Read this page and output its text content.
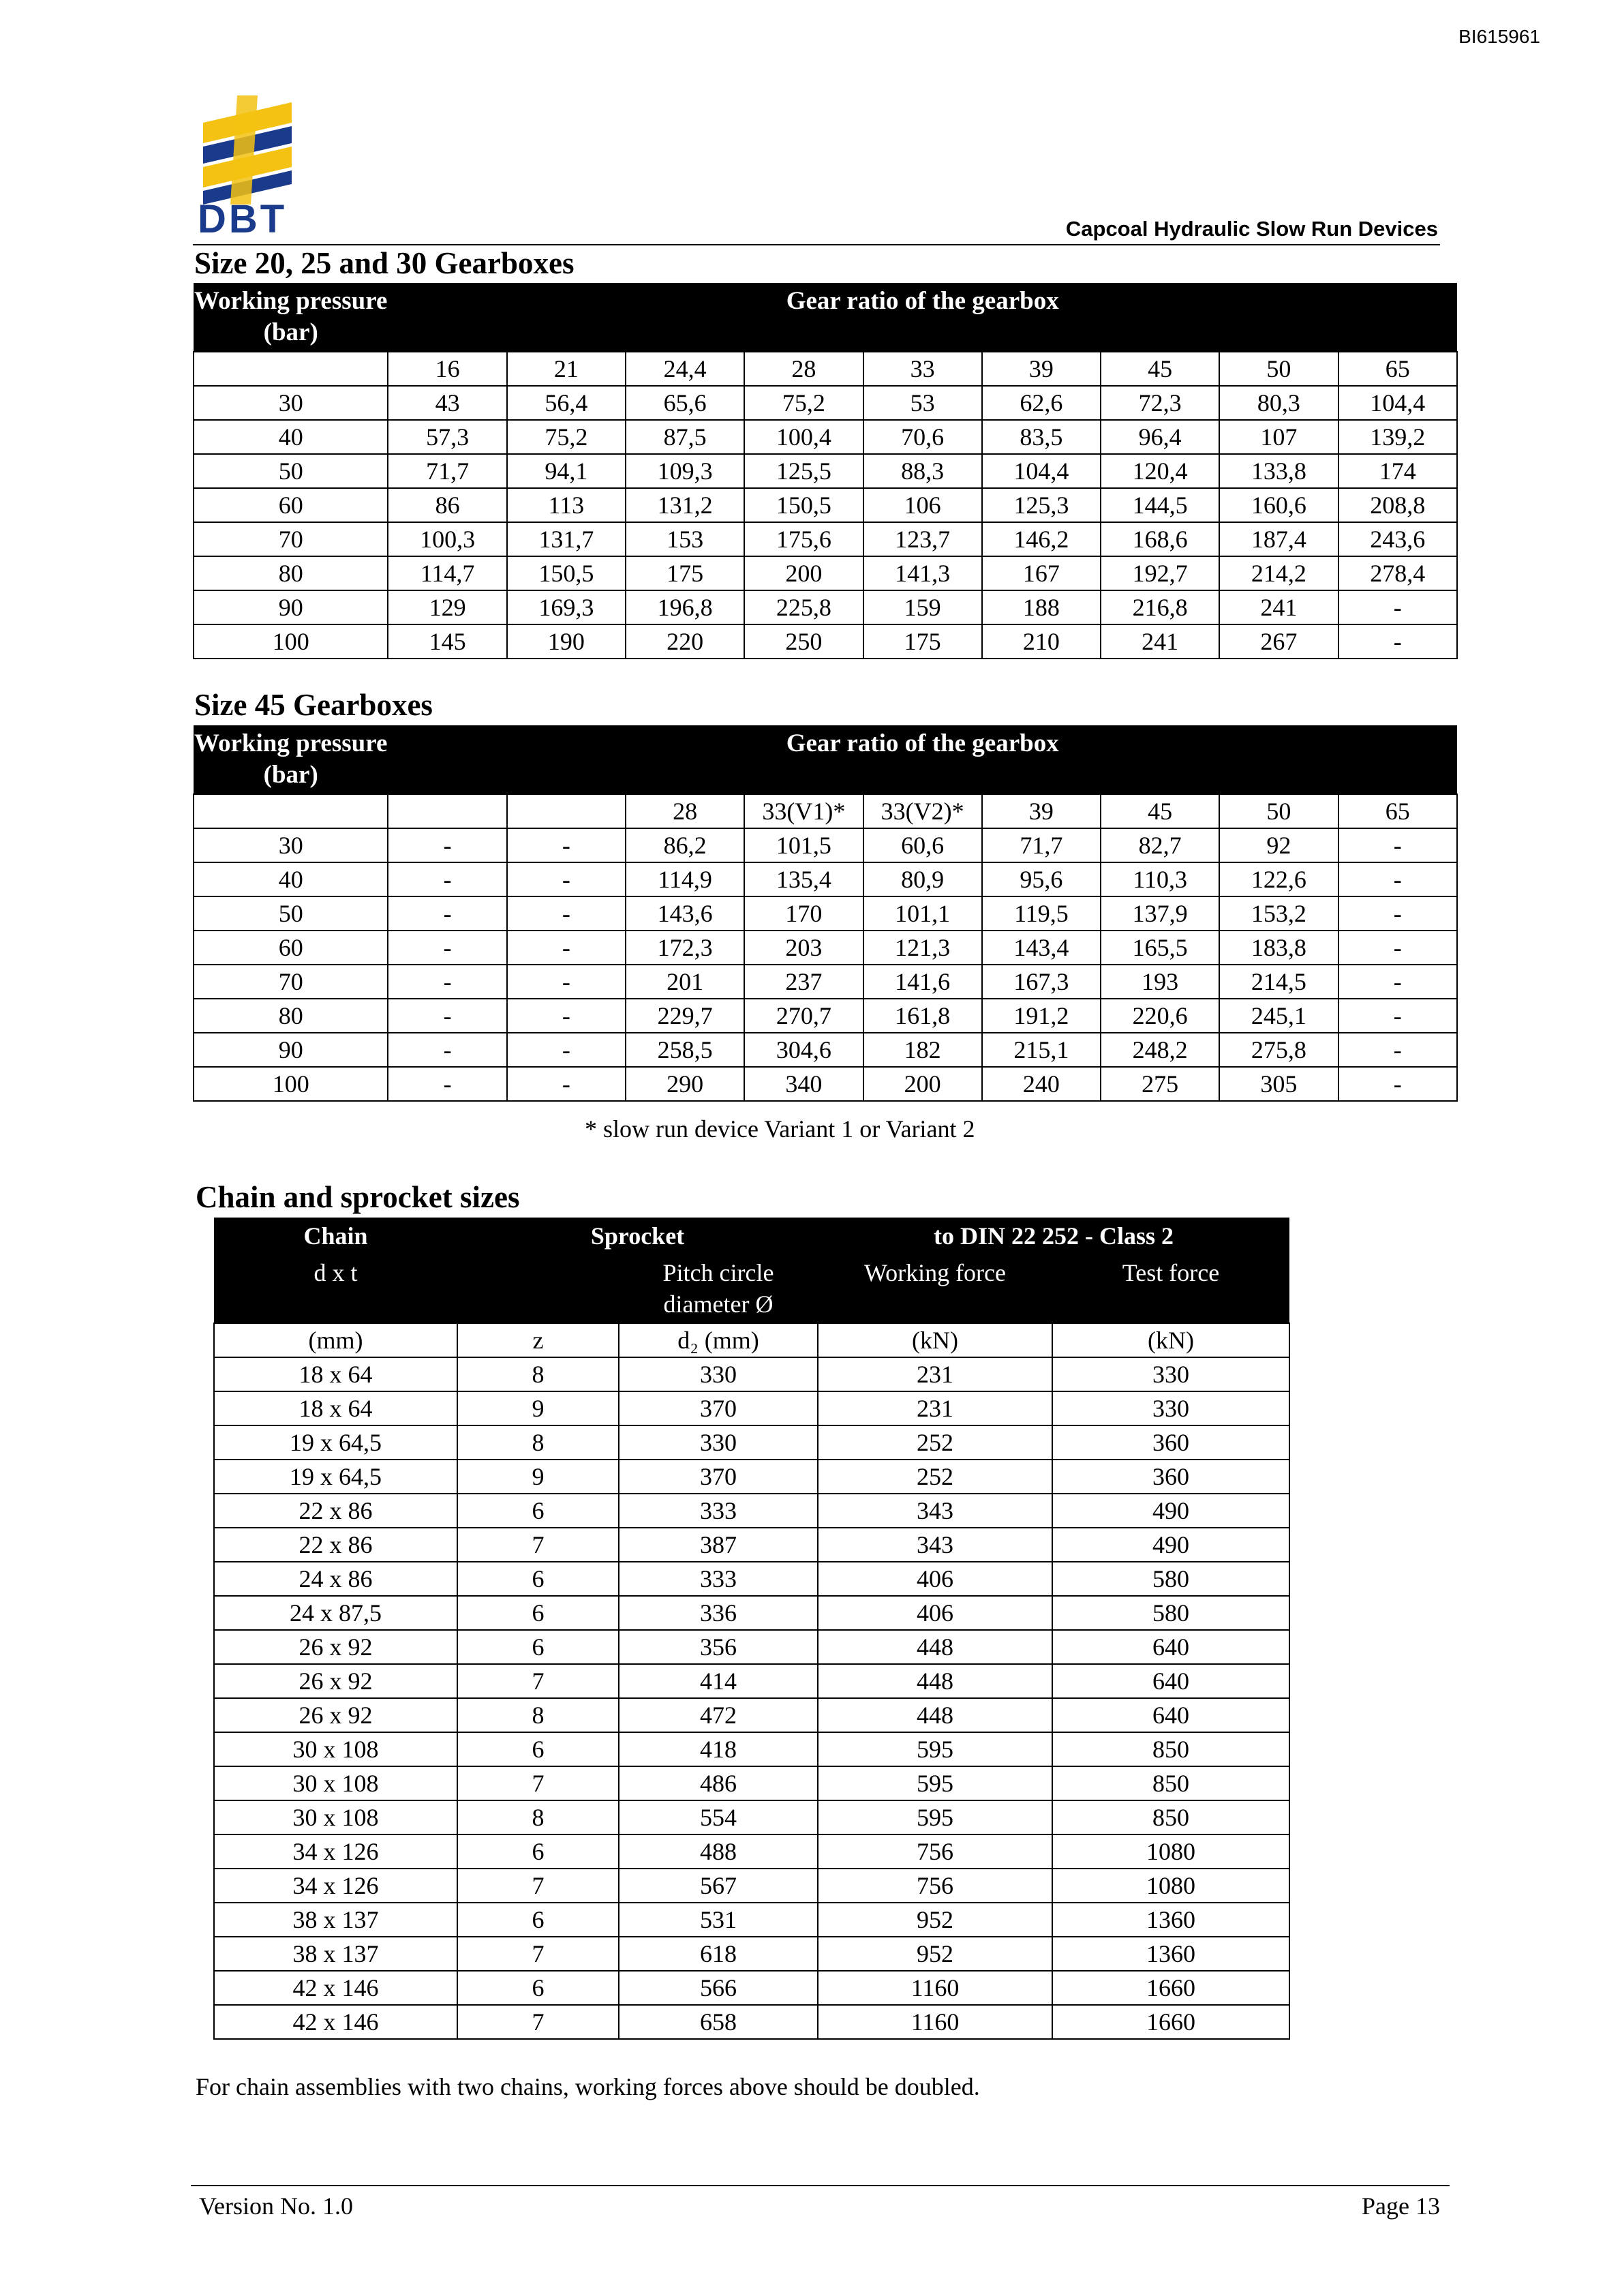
BI615961
DBT	Capcoal Hydraulic Slow Run Devices
Size 20, 25 and 30 Gearboxes
Working pressure (bar)	Gear ratio of the gearbox								
	16	21	24,4	28	33	39	45	50	65
30	43	56,4	65,6	75,2	53	62,6	72,3	80,3	104,4
40	57,3	75,2	87,5	100,4	70,6	83,5	96,4	107	139,2
50	71,7	94,1	109,3	125,5	88,3	104,4	120,4	133,8	174
60	86	113	131,2	150,5	106	125,3	144,5	160,6	208,8
70	100,3	131,7	153	175,6	123,7	146,2	168,6	187,4	243,6
80	114,7	150,5	175	200	141,3	167	192,7	214,2	278,4
90	129	169,3	196,8	225,8	159	188	216,8	241	-
100	145	190	220	250	175	210	241	267	-
Size 45 Gearboxes
Working pressure (bar)	Gear ratio of the gearbox								
			28	33(V1)*	33(V2)*	39	45	50	65
30	-	-	86,2	101,5	60,6	71,7	82,7	92	-
40	-	-	114,9	135,4	80,9	95,6	110,3	122,6	-
50	-	-	143,6	170	101,1	119,5	137,9	153,2	-
60	-	-	172,3	203	121,3	143,4	165,5	183,8	-
70	-	-	201	237	141,6	167,3	193	214,5	-
80	-	-	229,7	270,7	161,8	191,2	220,6	245,1	-
90	-	-	258,5	304,6	182	215,1	248,2	275,8	-
100	-	-	290	340	200	240	275	305	-
* slow run device Variant 1 or Variant 2
Chain and sprocket sizes
Chain	Sprocket		to DIN 22 252 - Class 2	
d x t		Pitch circle diameter Ø	Working force	Test force
(mm)	z	d₂ (mm)	(kN)	(kN)
18 x 64	8	330	231	330
18 x 64	9	370	231	330
19 x 64,5	8	330	252	360
19 x 64,5	9	370	252	360
22 x 86	6	333	343	490
22 x 86	7	387	343	490
24 x 86	6	333	406	580
24 x 87,5	6	336	406	580
26 x 92	6	356	448	640
26 x 92	7	414	448	640
26 x 92	8	472	448	640
30 x 108	6	418	595	850
30 x 108	7	486	595	850
30 x 108	8	554	595	850
34 x 126	6	488	756	1080
34 x 126	7	567	756	1080
38 x 137	6	531	952	1360
38 x 137	7	618	952	1360
42 x 146	6	566	1160	1660
42 x 146	7	658	1160	1660
For chain assemblies with two chains, working forces above should be doubled.
Version No. 1.0	Page 13
